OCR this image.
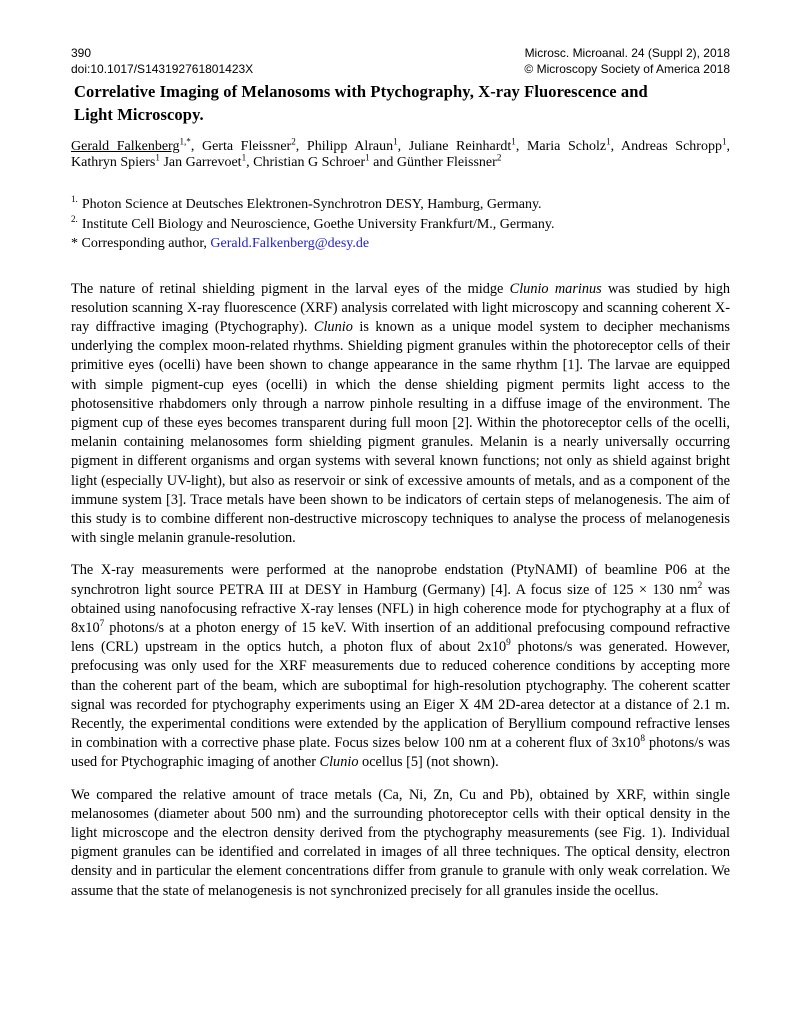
390
doi:10.1017/S143192761801423X
Microsc. Microanal. 24 (Suppl 2), 2018
© Microscopy Society of America 2018
Correlative Imaging of Melanosoms with Ptychography, X-ray Fluorescence and
Light Microscopy.

Gerald Falkenberg$^{1,*}$, Gerta Fleissner$^2$, Philipp Alraun$^1$, Juliane Reinhardt$^1$, Maria Scholz$^1$, Andreas Schropp$^1$, Kathryn Spiers$^1$ Jan Garrevoet$^1$, Christian G Schroer$^1$ and Günther Fleissner$^2$

$^{1.}$ Photon Science at Deutsches Elektronen-Synchrotron DESY, Hamburg, Germany.

$^{2.}$ Institute Cell Biology and Neuroscience, Goethe University Frankfurt/M., Germany.

* Corresponding author, Gerald.Falkenberg@desy.de

The nature of retinal shielding pigment in the larval eyes of the midge Clunio marinus was studied by high resolution scanning X-ray fluorescence (XRF) analysis correlated with light microscopy and scanning coherent X-ray diffractive imaging (Ptychography). Clunio is known as a unique model system to decipher mechanisms underlying the complex moon-related rhythms. Shielding pigment granules within the photoreceptor cells of their primitive eyes (ocelli) have been shown to change appearance in the same rhythm [1]. The larvae are equipped with simple pigment-cup eyes (ocelli) in which the dense shielding pigment permits light access to the photosensitive rhabdomers only through a narrow pinhole resulting in a diffuse image of the environment. The pigment cup of these eyes becomes transparent during full moon [2]. Within the photoreceptor cells of the ocelli, melanin containing melanosomes form shielding pigment granules. Melanin is a nearly universally occurring pigment in different organisms and organ systems with several known functions; not only as shield against bright light (especially UV-light), but also as reservoir or sink of excessive amounts of metals, and as a component of the immune system [3]. Trace metals have been shown to be indicators of certain steps of melanogenesis. The aim of this study is to combine different non-destructive microscopy techniques to analyse the process of melanogenesis with single melanin granule-resolution.

The X-ray measurements were performed at the nanoprobe endstation (PtyNAMI) of beamline P06 at the synchrotron light source PETRA III at DESY in Hamburg (Germany) [4]. A focus size of 125 × 130 $nm^2$ was obtained using nanofocusing refractive X-ray lenses (NFL) in high coherence mode for ptychography at a flux of $8x10^7$ photons/s at a photon energy of 15 keV. With insertion of an additional prefocusing compound refractive lens (CRL) upstream in the optics hutch, a photon flux of about $2x10^9$ photons/s was generated. However, prefocusing was only used for the XRF measurements due to reduced coherence conditions by accepting more than the coherent part of the beam, which are suboptimal for high-resolution ptychography. The coherent scatter signal was recorded for ptychography experiments using an Eiger X 4M 2D-area detector at a distance of 2.1 m. Recently, the experimental conditions were extended by the application of Beryllium compound refractive lenses in combination with a corrective phase plate. Focus sizes below 100 nm at a coherent flux of $3x10^8$ photons/s was used for Ptychographic imaging of another Clunio ocellus [5] (not shown).

We compared the relative amount of trace metals (Ca, Ni, Zn, Cu and Pb), obtained by XRF, within single melanosomes (diameter about 500 nm) and the surrounding photoreceptor cells with their optical density in the light microscope and the electron density derived from the ptychography measurements (see Fig. 1). Individual pigment granules can be identified and correlated in images of all three techniques. The optical density, electron density and in particular the element concentrations differ from granule to granule with only weak correlation. We assume that the state of melanogenesis is not synchronized precisely for all granules inside the ocellus.
